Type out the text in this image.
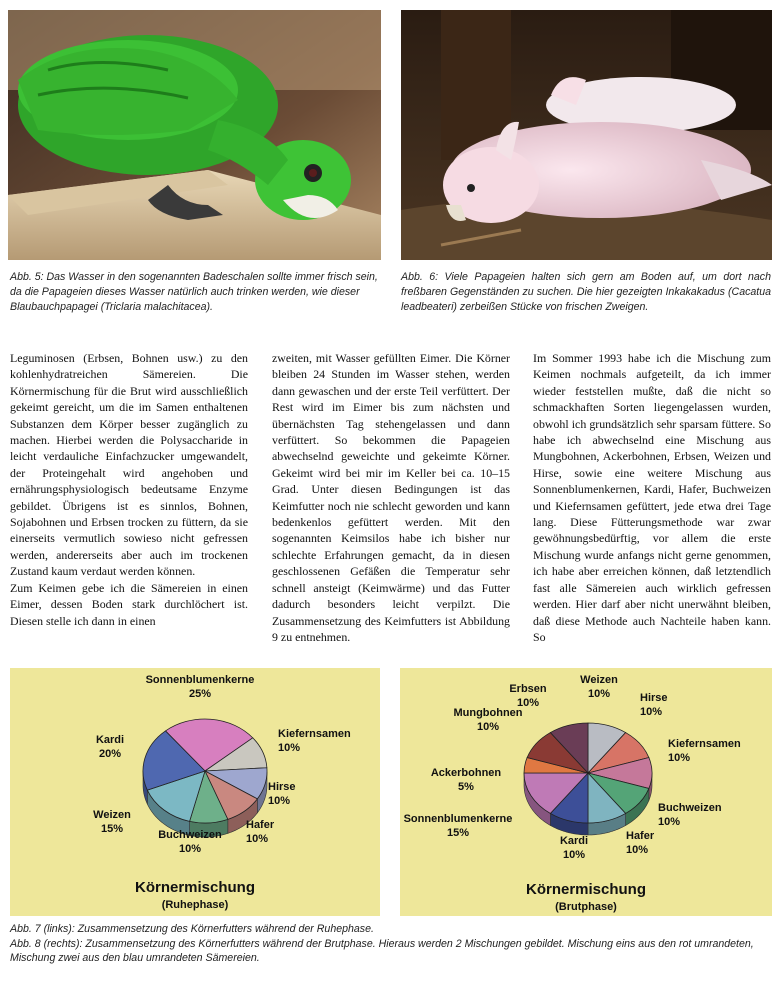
Abb. 5: Das Wasser in den sogenannten Badeschalen sollte immer frisch sein, da die Papageien dieses Wasser natürlich auch trinken werden, wie dieser Blaubauchpapagei (Triclaria malachitacea).
Abb. 6: Viele Papageien halten sich gern am Boden auf, um dort nach freßbaren Gegenständen zu suchen. Die hier gezeigten Inkakakadus (Cacatua leadbeateri) zerbeißen Stücke von frischen Zweigen.

Leguminosen (Erbsen, Bohnen usw.) zu den kohlenhydratreichen Sämereien. Die Körnermischung für die Brut wird ausschließlich gekeimt gereicht, um die im Samen enthaltenen Substanzen dem Körper besser zugänglich zu machen. Hierbei werden die Polysaccharide in leicht verdauliche Einfachzucker umgewandelt, der Proteingehalt wird angehoben und ernährungsphysiologisch bedeutsame Enzyme gebildet. Übrigens ist es sinnlos, Bohnen, Sojabohnen und Erbsen trocken zu füttern, da sie einerseits vermutlich sowieso nicht gefressen werden, andererseits aber auch im trockenen Zustand kaum verdaut werden können.

Zum Keimen gebe ich die Sämereien in einen Eimer, dessen Boden stark durchlöchert ist. Diesen stelle ich dann in einen

zweiten, mit Wasser gefüllten Eimer. Die Körner bleiben 24 Stunden im Wasser stehen, werden dann gewaschen und der erste Teil verfüttert. Der Rest wird im Eimer bis zum nächsten und übernächsten Tag stehengelassen und dann verfüttert. So bekommen die Papageien abwechselnd geweichte und gekeimte Körner. Gekeimt wird bei mir im Keller bei ca. 10–15 Grad. Unter diesen Bedingungen ist das Keimfutter noch nie schlecht geworden und kann bedenkenlos gefüttert werden. Mit den sogenannten Keimsilos habe ich bisher nur schlechte Erfahrungen gemacht, da in diesen geschlossenen Gefäßen die Temperatur sehr schnell ansteigt (Keimwärme) und das Futter dadurch besonders leicht verpilzt. Die Zusammensetzung des Keimfutters ist Abbildung 9 zu entnehmen.

Im Sommer 1993 habe ich die Mischung zum Keimen nochmals aufgeteilt, da ich immer wieder feststellen mußte, daß die nicht so schmackhaften Sorten liegengelassen wurden, obwohl ich grundsätzlich sehr sparsam füttere. So habe ich abwechselnd eine Mischung aus Mungbohnen, Ackerbohnen, Erbsen, Weizen und Hirse, sowie eine weitere Mischung aus Sonnenblumenkernen, Kardi, Hafer, Buchweizen und Kiefernsamen gefüttert, jede etwa drei Tage lang. Diese Fütterungsmethode war zwar gewöhnungsbedürftig, vor allem die erste Mischung wurde anfangs nicht gerne genommen, ich habe aber erreichen können, daß letztendlich fast alle Sämereien auch wirklich gefressen werden. Hier darf aber nicht unerwähnt bleiben, daß diese Methode auch Nachteile haben kann. So

Körnermischung
(Ruhephase)
Sonnenblumenkerne
25%
Kiefernsamen
10%
Hirse
10%
Hafer
10%
Buchweizen
10%
Weizen
15%
Kardi
20%
Körnermischung
(Brutphase)
Weizen
10%	Hirse
10%
Kiefernsamen
10%
Buchweizen
10%
Hafer
10%
Kardi
10%
Sonnenblumenkerne
15%
Ackerbohnen
5%
Mungbohnen
10%
Erbsen
10%

Abb. 7 (links): Zusammensetzung des Körnerfutters während der Ruhephase.

Abb. 8 (rechts): Zusammensetzung des Körnerfutters während der Brutphase. Hieraus werden 2 Mischungen gebildet. Mischung eins aus den rot umrandeten, Mischung zwei aus den blau umrandeten Sämereien.
